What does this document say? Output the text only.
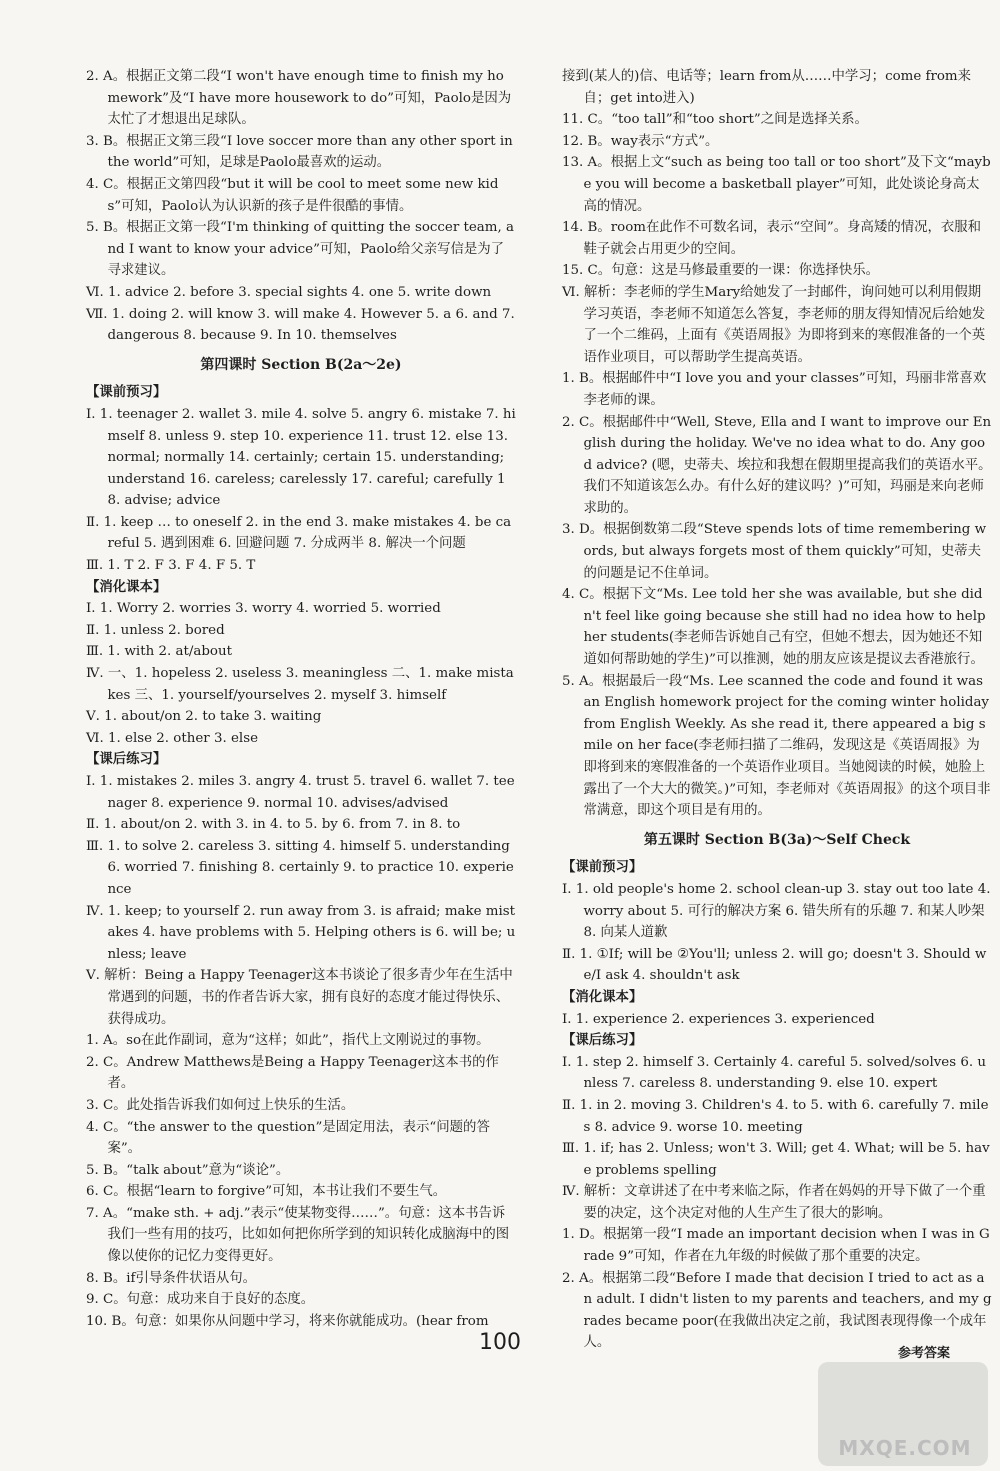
2. A。根据正文第二段“I won't have enough time to finish my homework”及“I have more housework to do”可知，Paolo是因为太忙了才想退出足球队。

3. B。根据正文第三段“I love soccer more than any other sport in the world”可知，足球是Paolo最喜欢的运动。

4. C。根据正文第四段“but it will be cool to meet some new kids”可知，Paolo认为认识新的孩子是件很酷的事情。

5. B。根据正文第一段“I'm thinking of quitting the soccer team, and I want to know your advice”可知，Paolo给父亲写信是为了寻求建议。

Ⅵ. 1. advice 2. before 3. special sights 4. one 5. write down

Ⅶ. 1. doing 2. will know 3. will make 4. However 5. a 6. and 7. dangerous 8. because 9. In 10. themselves

第四课时 Section B(2a～2e)

【课前预习】

Ⅰ. 1. teenager 2. wallet 3. mile 4. solve 5. angry 6. mistake 7. himself 8. unless 9. step 10. experience 11. trust 12. else 13. normal; normally 14. certainly; certain 15. understanding; understand 16. careless; carelessly 17. careful; carefully 18. advise; advice

Ⅱ. 1. keep … to oneself 2. in the end 3. make mistakes 4. be careful 5. 遇到困难 6. 回避问题 7. 分成两半 8. 解决一个问题

Ⅲ. 1. T 2. F 3. F 4. F 5. T

【消化课本】

Ⅰ. 1. Worry 2. worries 3. worry 4. worried 5. worried

Ⅱ. 1. unless 2. bored

Ⅲ. 1. with 2. at/about

Ⅳ. 一、1. hopeless 2. useless 3. meaningless 二、1. make mistakes 三、1. yourself/yourselves 2. myself 3. himself

Ⅴ. 1. about/on 2. to take 3. waiting

Ⅵ. 1. else 2. other 3. else

【课后练习】

Ⅰ. 1. mistakes 2. miles 3. angry 4. trust 5. travel 6. wallet 7. teenager 8. experience 9. normal 10. advises/advised

Ⅱ. 1. about/on 2. with 3. in 4. to 5. by 6. from 7. in 8. to

Ⅲ. 1. to solve 2. careless 3. sitting 4. himself 5. understanding 6. worried 7. finishing 8. certainly 9. to practice 10. experience

Ⅳ. 1. keep; to yourself 2. run away from 3. is afraid; make mistakes 4. have problems with 5. Helping others is 6. will be; unless; leave

Ⅴ. 解析：Being a Happy Teenager这本书谈论了很多青少年在生活中常遇到的问题，书的作者告诉大家，拥有良好的态度才能过得快乐、获得成功。

1. A。so在此作副词，意为“这样；如此”，指代上文刚说过的事物。

2. C。Andrew Matthews是Being a Happy Teenager这本书的作者。

3. C。此处指告诉我们如何过上快乐的生活。

4. C。“the answer to the question”是固定用法，表示“问题的答案”。

5. B。“talk about”意为“谈论”。

6. C。根据“learn to forgive”可知，本书让我们不要生气。

7. A。“make sth. + adj.”表示“使某物变得……”。句意：这本书告诉我们一些有用的技巧，比如如何把你所学到的知识转化成脑海中的图像以使你的记忆力变得更好。

8. B。if引导条件状语从句。

9. C。句意：成功来自于良好的态度。

10. B。句意：如果你从问题中学习，将来你就能成功。(hear from

接到(某人的)信、电话等；learn from从……中学习；come from来自；get into进入)

11. C。“too tall”和“too short”之间是选择关系。

12. B。way表示“方式”。

13. A。根据上文“such as being too tall or too short”及下文“maybe you will become a basketball player”可知，此处谈论身高太高的情况。

14. B。room在此作不可数名词，表示“空间”。身高矮的情况，衣服和鞋子就会占用更少的空间。

15. C。句意：这是马修最重要的一课：你选择快乐。

Ⅵ. 解析：李老师的学生Mary给她发了一封邮件，询问她可以利用假期学习英语，李老师不知道怎么答复，李老师的朋友得知情况后给她发了一个二维码，上面有《英语周报》为即将到来的寒假准备的一个英语作业项目，可以帮助学生提高英语。

1. B。根据邮件中“I love you and your classes”可知，玛丽非常喜欢李老师的课。

2. C。根据邮件中“Well, Steve, Ella and I want to improve our English during the holiday. We've no idea what to do. Any good advice? (嗯，史蒂夫、埃拉和我想在假期里提高我们的英语水平。我们不知道该怎么办。有什么好的建议吗？)”可知，玛丽是来向老师求助的。

3. D。根据倒数第二段“Steve spends lots of time remembering words, but always forgets most of them quickly”可知，史蒂夫的问题是记不住单词。

4. C。根据下文“Ms. Lee told her she was available, but she didn't feel like going because she still had no idea how to help her students(李老师告诉她自己有空，但她不想去，因为她还不知道如何帮助她的学生)”可以推测，她的朋友应该是提议去香港旅行。

5. A。根据最后一段“Ms. Lee scanned the code and found it was an English homework project for the coming winter holiday from English Weekly. As she read it, there appeared a big smile on her face(李老师扫描了二维码，发现这是《英语周报》为即将到来的寒假准备的一个英语作业项目。当她阅读的时候，她脸上露出了一个大大的微笑。)”可知，李老师对《英语周报》的这个项目非常满意，即这个项目是有用的。

第五课时 Section B(3a)～Self Check

【课前预习】

Ⅰ. 1. old people's home 2. school clean-up 3. stay out too late 4. worry about 5. 可行的解决方案 6. 错失所有的乐趣 7. 和某人吵架 8. 向某人道歉

Ⅱ. 1. ①If; will be ②You'll; unless 2. will go; doesn't 3. Should we/I ask 4. shouldn't ask

【消化课本】

Ⅰ. 1. experience 2. experiences 3. experienced

【课后练习】

Ⅰ. 1. step 2. himself 3. Certainly 4. careful 5. solved/solves 6. unless 7. careless 8. understanding 9. else 10. expert

Ⅱ. 1. in 2. moving 3. Children's 4. to 5. with 6. carefully 7. miles 8. advice 9. worse 10. meeting

Ⅲ. 1. if; has 2. Unless; won't 3. Will; get 4. What; will be 5. have problems spelling

Ⅳ. 解析：文章讲述了在中考来临之际，作者在妈妈的开导下做了一个重要的决定，这个决定对他的人生产生了很大的影响。

1. D。根据第一段“I made an important decision when I was in Grade 9”可知，作者在九年级的时候做了那个重要的决定。

2. A。根据第二段“Before I made that decision I tried to act as an adult. I didn't listen to my parents and teachers, and my grades became poor(在我做出决定之前，我试图表现得像一个成年人。

100	参考答案
MXQE.COM
